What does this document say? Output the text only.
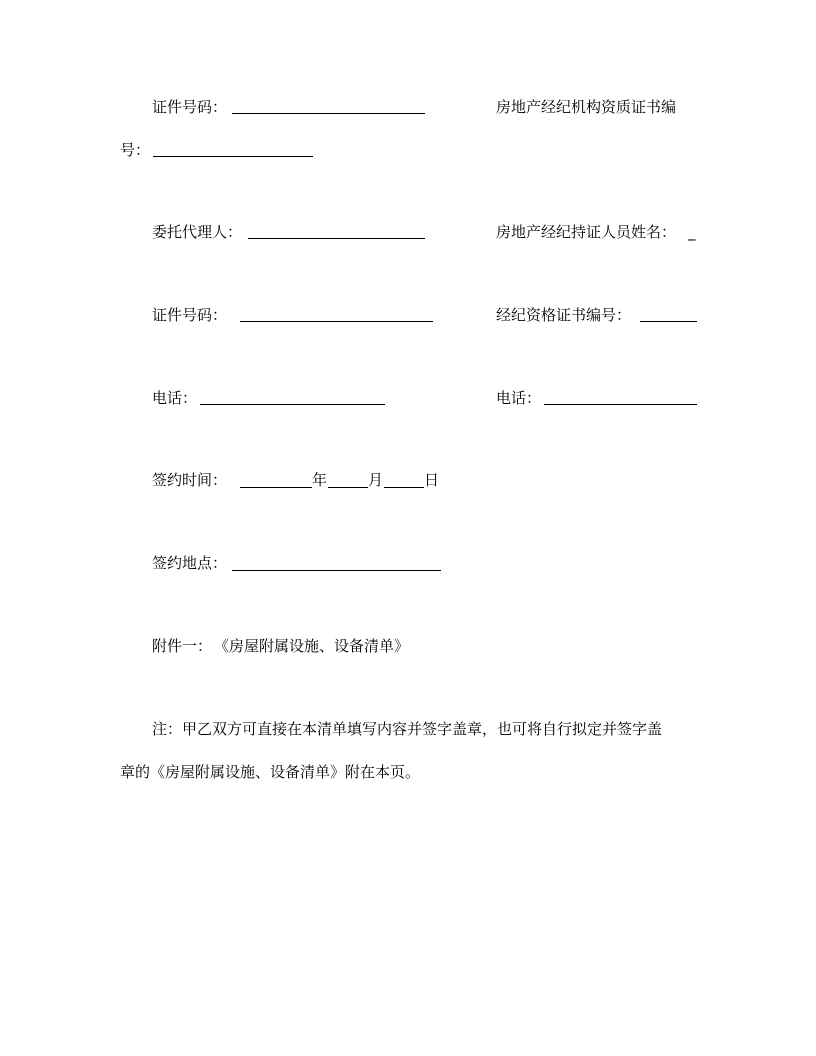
证件号码：	房地产经纪机构资质证书编
号：
委托代理人：	房地产经纪持证人员姓名： _
证件号码：	经纪资格证书编号：
电话：	电话：
签约时间：	年	月	日
签约地点：
附件一： 《房屋附属设施、设备清单》
注：甲乙双方可直接在本清单填写内容并签字盖章，也可将自行拟定并签字盖
章的《房屋附属设施、设备清单》附在本页。
